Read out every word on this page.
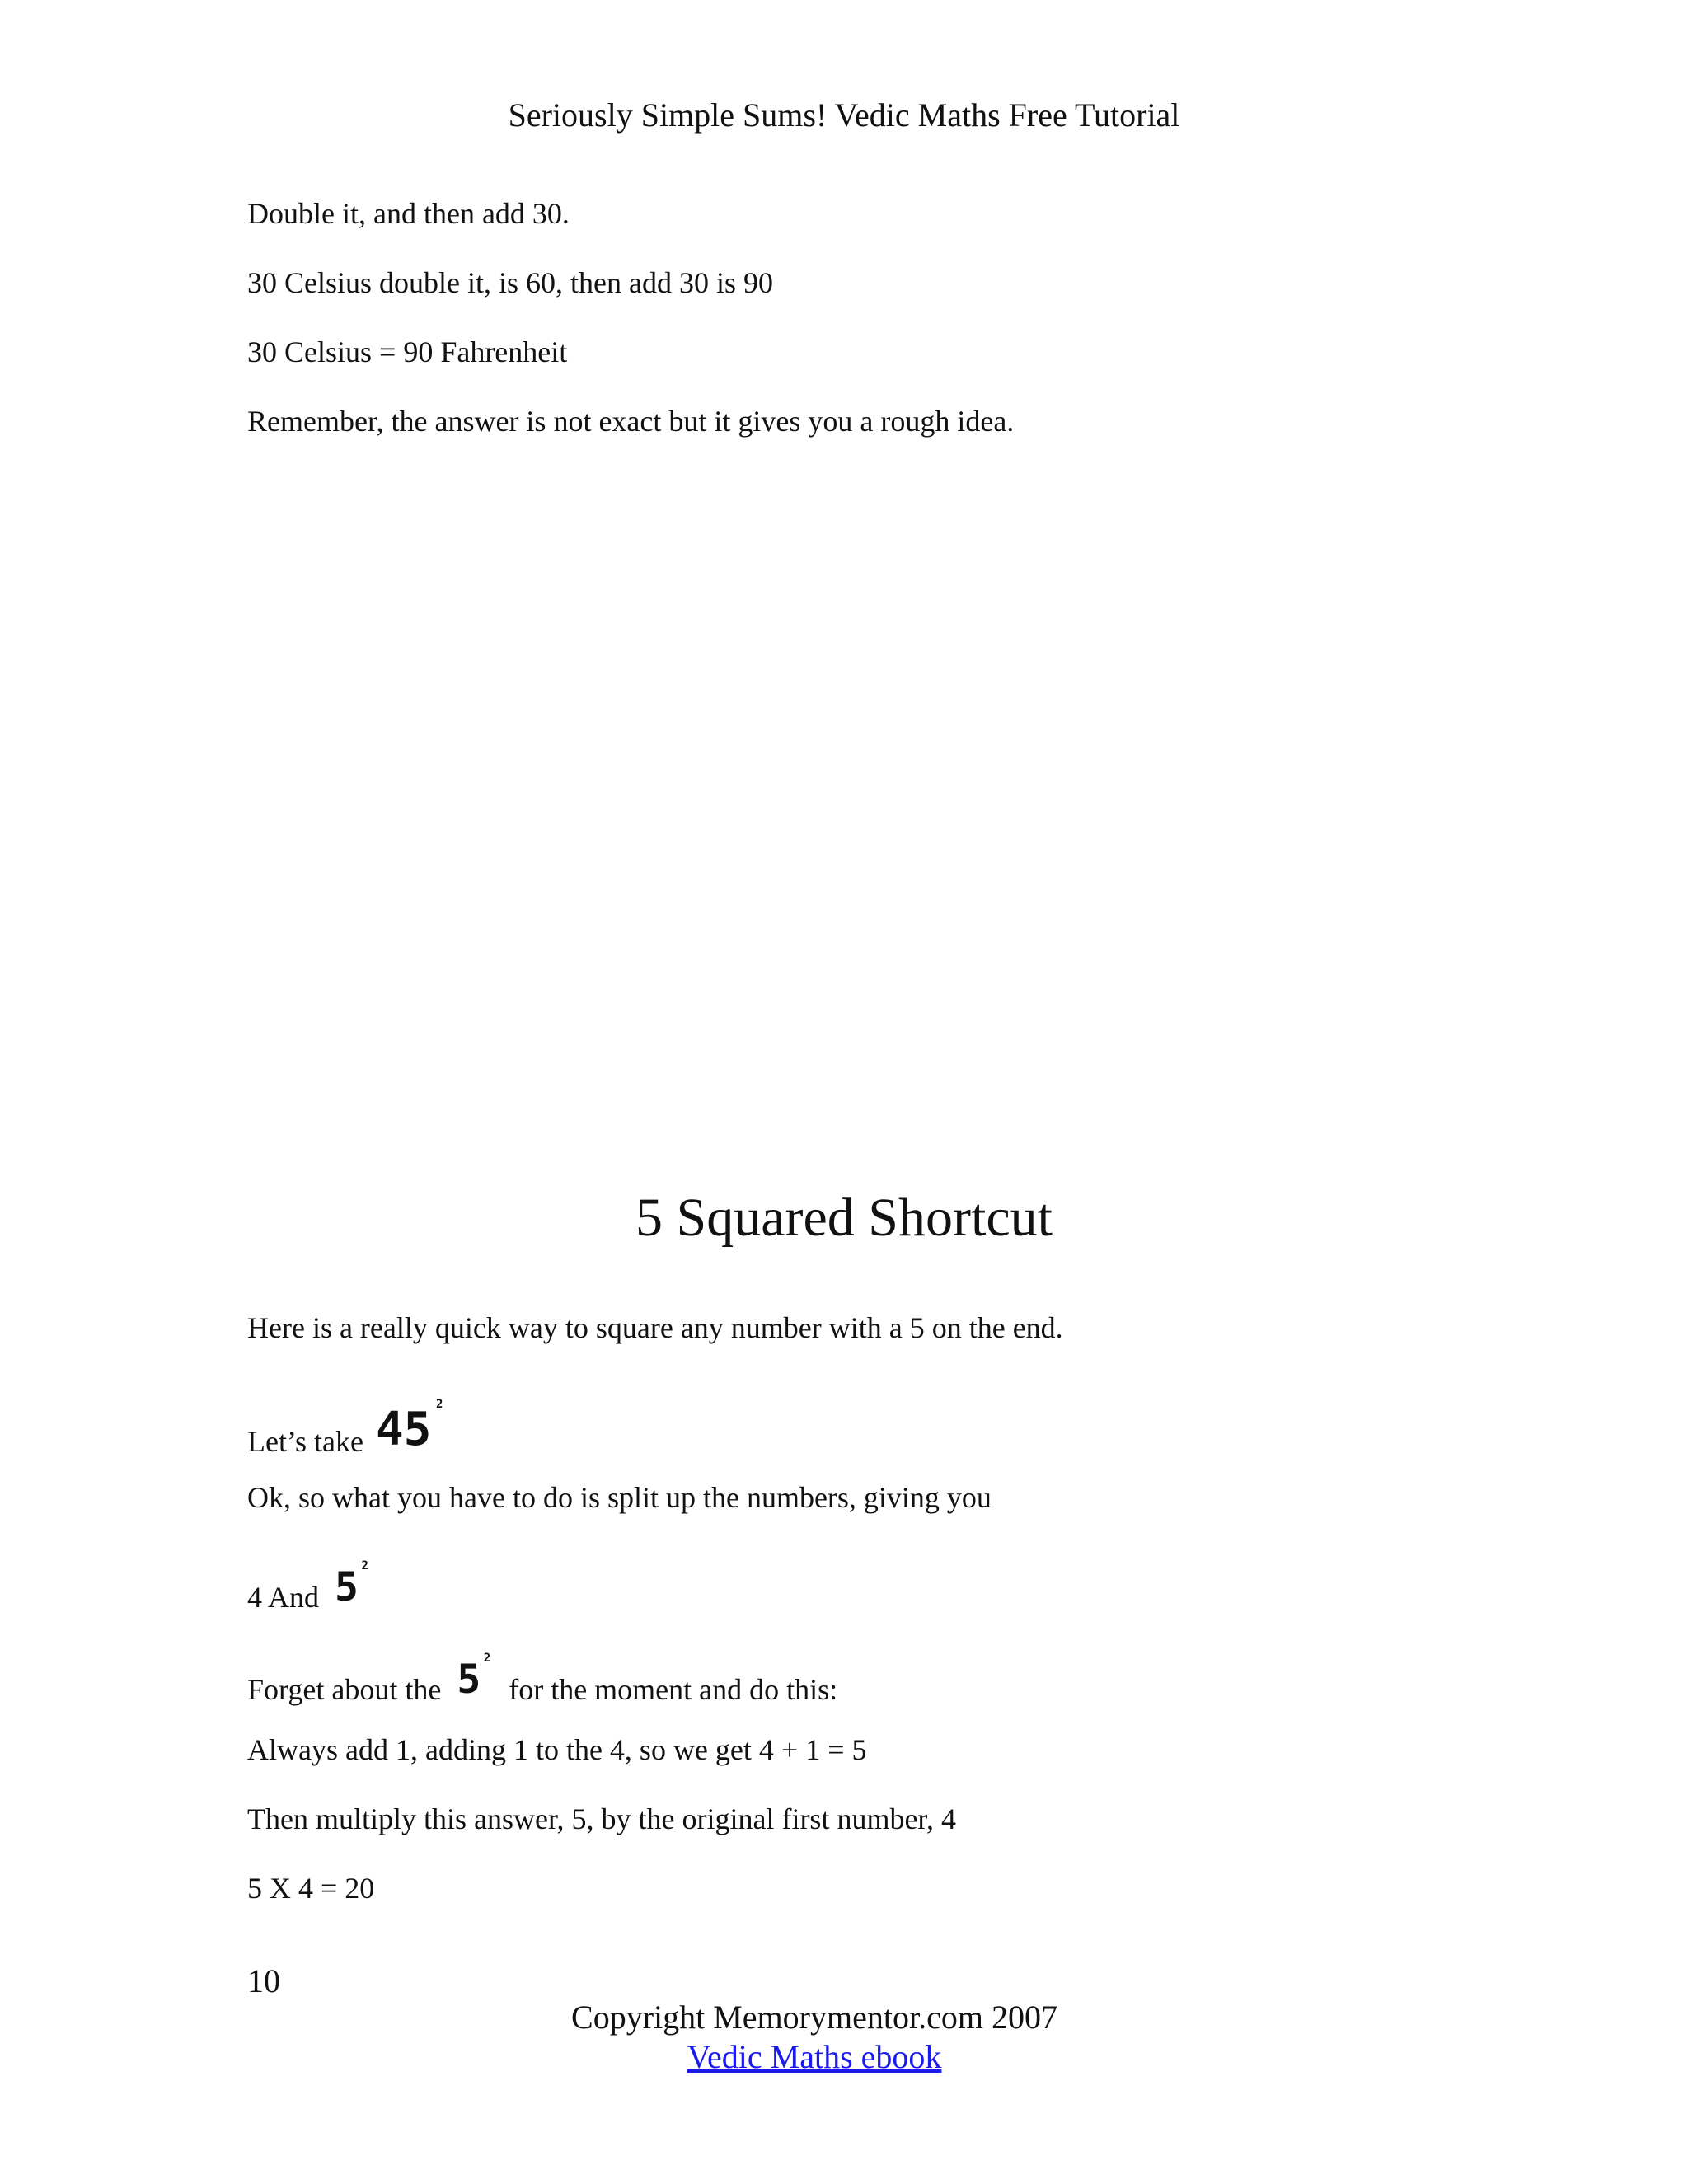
Seriously Simple Sums! Vedic Maths Free Tutorial
Double it, and then add 30.
30 Celsius double it, is 60, then add 30 is 90
30 Celsius = 90 Fahrenheit
Remember, the answer is not exact but it gives you a rough idea.
5 Squared Shortcut
Here is a really quick way to square any number with a 5 on the end.
Let’s take 45 2
Ok, so what you have to do is split up the numbers, giving you
4 And 5 2
Forget about the 5 2
for the moment and do this:
Always add 1, adding 1 to the 4, so we get 4 + 1 = 5
Then multiply this answer, 5, by the original first number, 4
5 X 4 = 20
10
Copyright Memorymentor.com 2007
Vedic Maths ebook
